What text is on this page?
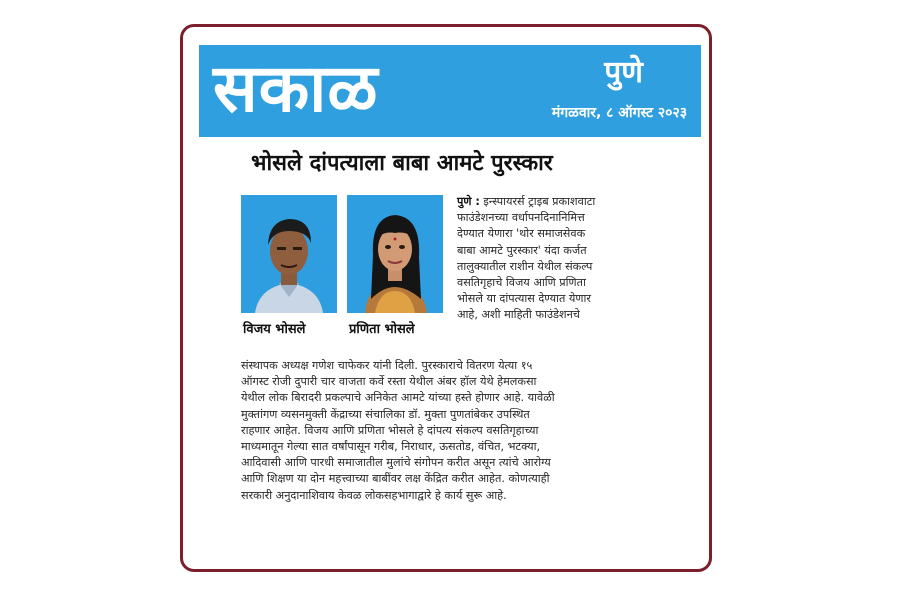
सकाळ	पुणे
मंगळवार, ८ ऑगस्ट २०२३
भोसले दांपत्याला बाबा आमटे पुरस्कार
विजय भोसले	प्रणिता भोसले
पुणे : इन्स्पायरर्स ट्राइब प्रकाशवाटा
फाउंडेशनच्या वर्धापनदिनानिमित्त
देण्यात येणारा 'थोर समाजसेवक
बाबा आमटे पुरस्कार' यंदा कर्जत
तालुक्यातील राशीन येथील संकल्प
वसतिगृहाचे विजय आणि प्रणिता
भोसले या दांपत्यास देण्यात येणार
आहे, अशी माहिती फाउंडेशनचे
संस्थापक अध्यक्ष गणेश चाफेकर यांनी दिली. पुरस्काराचे वितरण येत्या १५
ऑगस्ट रोजी दुपारी चार वाजता कर्वे रस्ता येथील अंबर हॉल येथे हेमलकसा
येथील लोक बिरादरी प्रकल्पाचे अनिकेत आमटे यांच्या हस्ते होणार आहे. यावेळी
मुक्तांगण व्यसनमुक्ती केंद्राच्या संचालिका डॉ. मुक्ता पुणतांबेकर उपस्थित
राहणार आहेत. विजय आणि प्रणिता भोसले हे दांपत्य संकल्प वसतिगृहाच्या
माध्यमातून गेल्या सात वर्षांपासून गरीब, निराधार, ऊसतोड, वंचित, भटक्या,
आदिवासी आणि पारधी समाजातील मुलांचे संगोपन करीत असून त्यांचे आरोग्य
आणि शिक्षण या दोन महत्त्वाच्या बाबींवर लक्ष केंद्रित करीत आहेत. कोणत्याही
सरकारी अनुदानाशिवाय केवळ लोकसहभागाद्वारे हे कार्य सुरू आहे.
